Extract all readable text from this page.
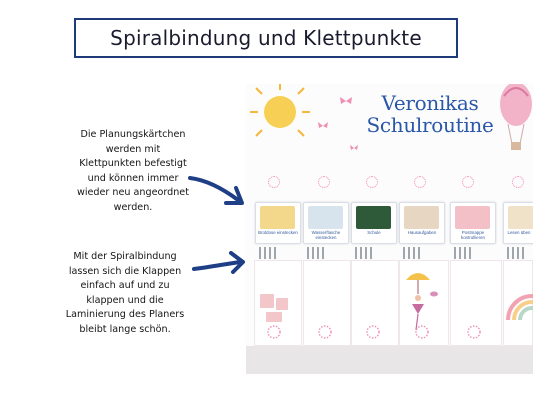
Spiralbindung und Klettpunkte
Die Planungskärtchen
werden mit
Klettpunkten befestigt
und können immer
wieder neu angeordnet
werden.
Mit der Spiralbindung
lassen sich die Klappen
einfach auf und zu
klappen und die
Laminierung des Planers
bleibt lange schön.
Veronikas
Schulroutine
Brotdose einstecken	Wasserflasche einstecken
Schule	Hausaufgaben	Postmappe kontrollieren
Lesen üben
